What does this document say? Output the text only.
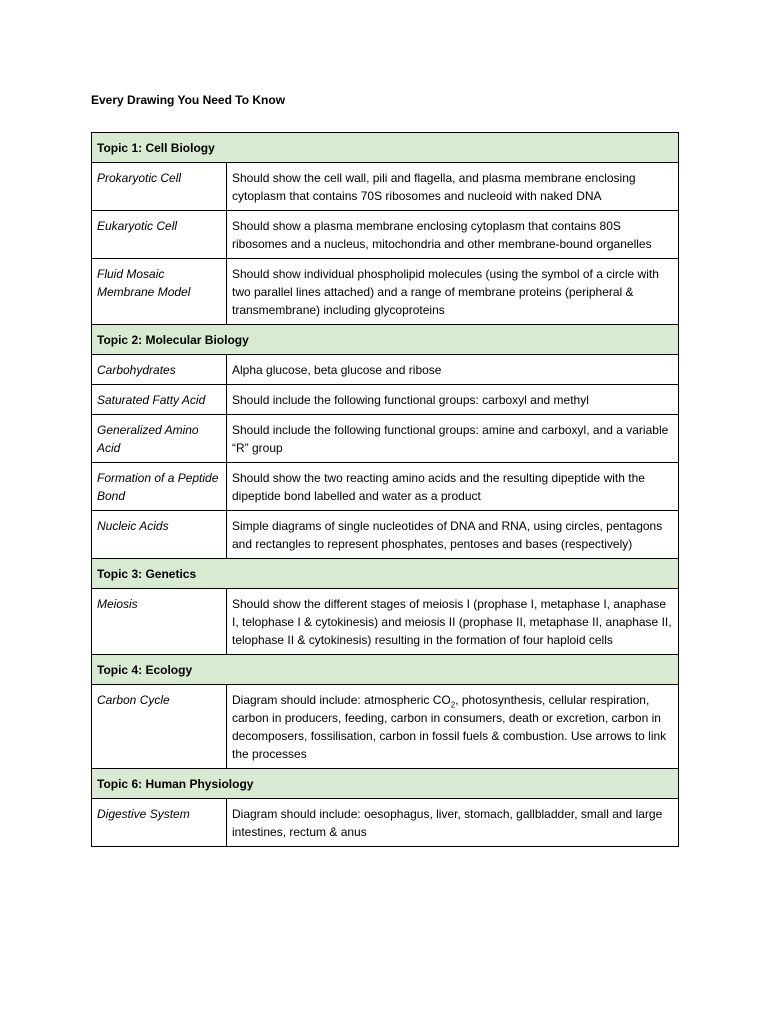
Every Drawing You Need To Know
Topic 1: Cell Biology	
Prokaryotic Cell	Should show the cell wall, pili and flagella, and plasma membrane enclosing cytoplasm that contains 70S ribosomes and nucleoid with naked DNA
Eukaryotic Cell	Should show a plasma membrane enclosing cytoplasm that contains 80S ribosomes and a nucleus, mitochondria and other membrane-bound organelles
Fluid Mosaic Membrane Model	Should show individual phospholipid molecules (using the symbol of a circle with two parallel lines attached) and a range of membrane proteins (peripheral & transmembrane) including glycoproteins
Topic 2: Molecular Biology	
Carbohydrates	Alpha glucose, beta glucose and ribose
Saturated Fatty Acid	Should include the following functional groups: carboxyl and methyl
Generalized Amino Acid	Should include the following functional groups: amine and carboxyl, and a variable “R” group
Formation of a Peptide Bond	Should show the two reacting amino acids and the resulting dipeptide with the dipeptide bond labelled and water as a product
Nucleic Acids	Simple diagrams of single nucleotides of DNA and RNA, using circles, pentagons and rectangles to represent phosphates, pentoses and bases (respectively)
Topic 3: Genetics	
Meiosis	Should show the different stages of meiosis I (prophase I, metaphase I, anaphase I, telophase I & cytokinesis) and meiosis II (prophase II, metaphase II, anaphase II, telophase II & cytokinesis) resulting in the formation of four haploid cells
Topic 4: Ecology	
Carbon Cycle	Diagram should include: atmospheric $CO_2$, photosynthesis, cellular respiration, carbon in producers, feeding, carbon in consumers, death or excretion, carbon in decomposers, fossilisation, carbon in fossil fuels & combustion. Use arrows to link the processes
Topic 6: Human Physiology	
Digestive System	Diagram should include: oesophagus, liver, stomach, gallbladder, small and large intestines, rectum & anus
